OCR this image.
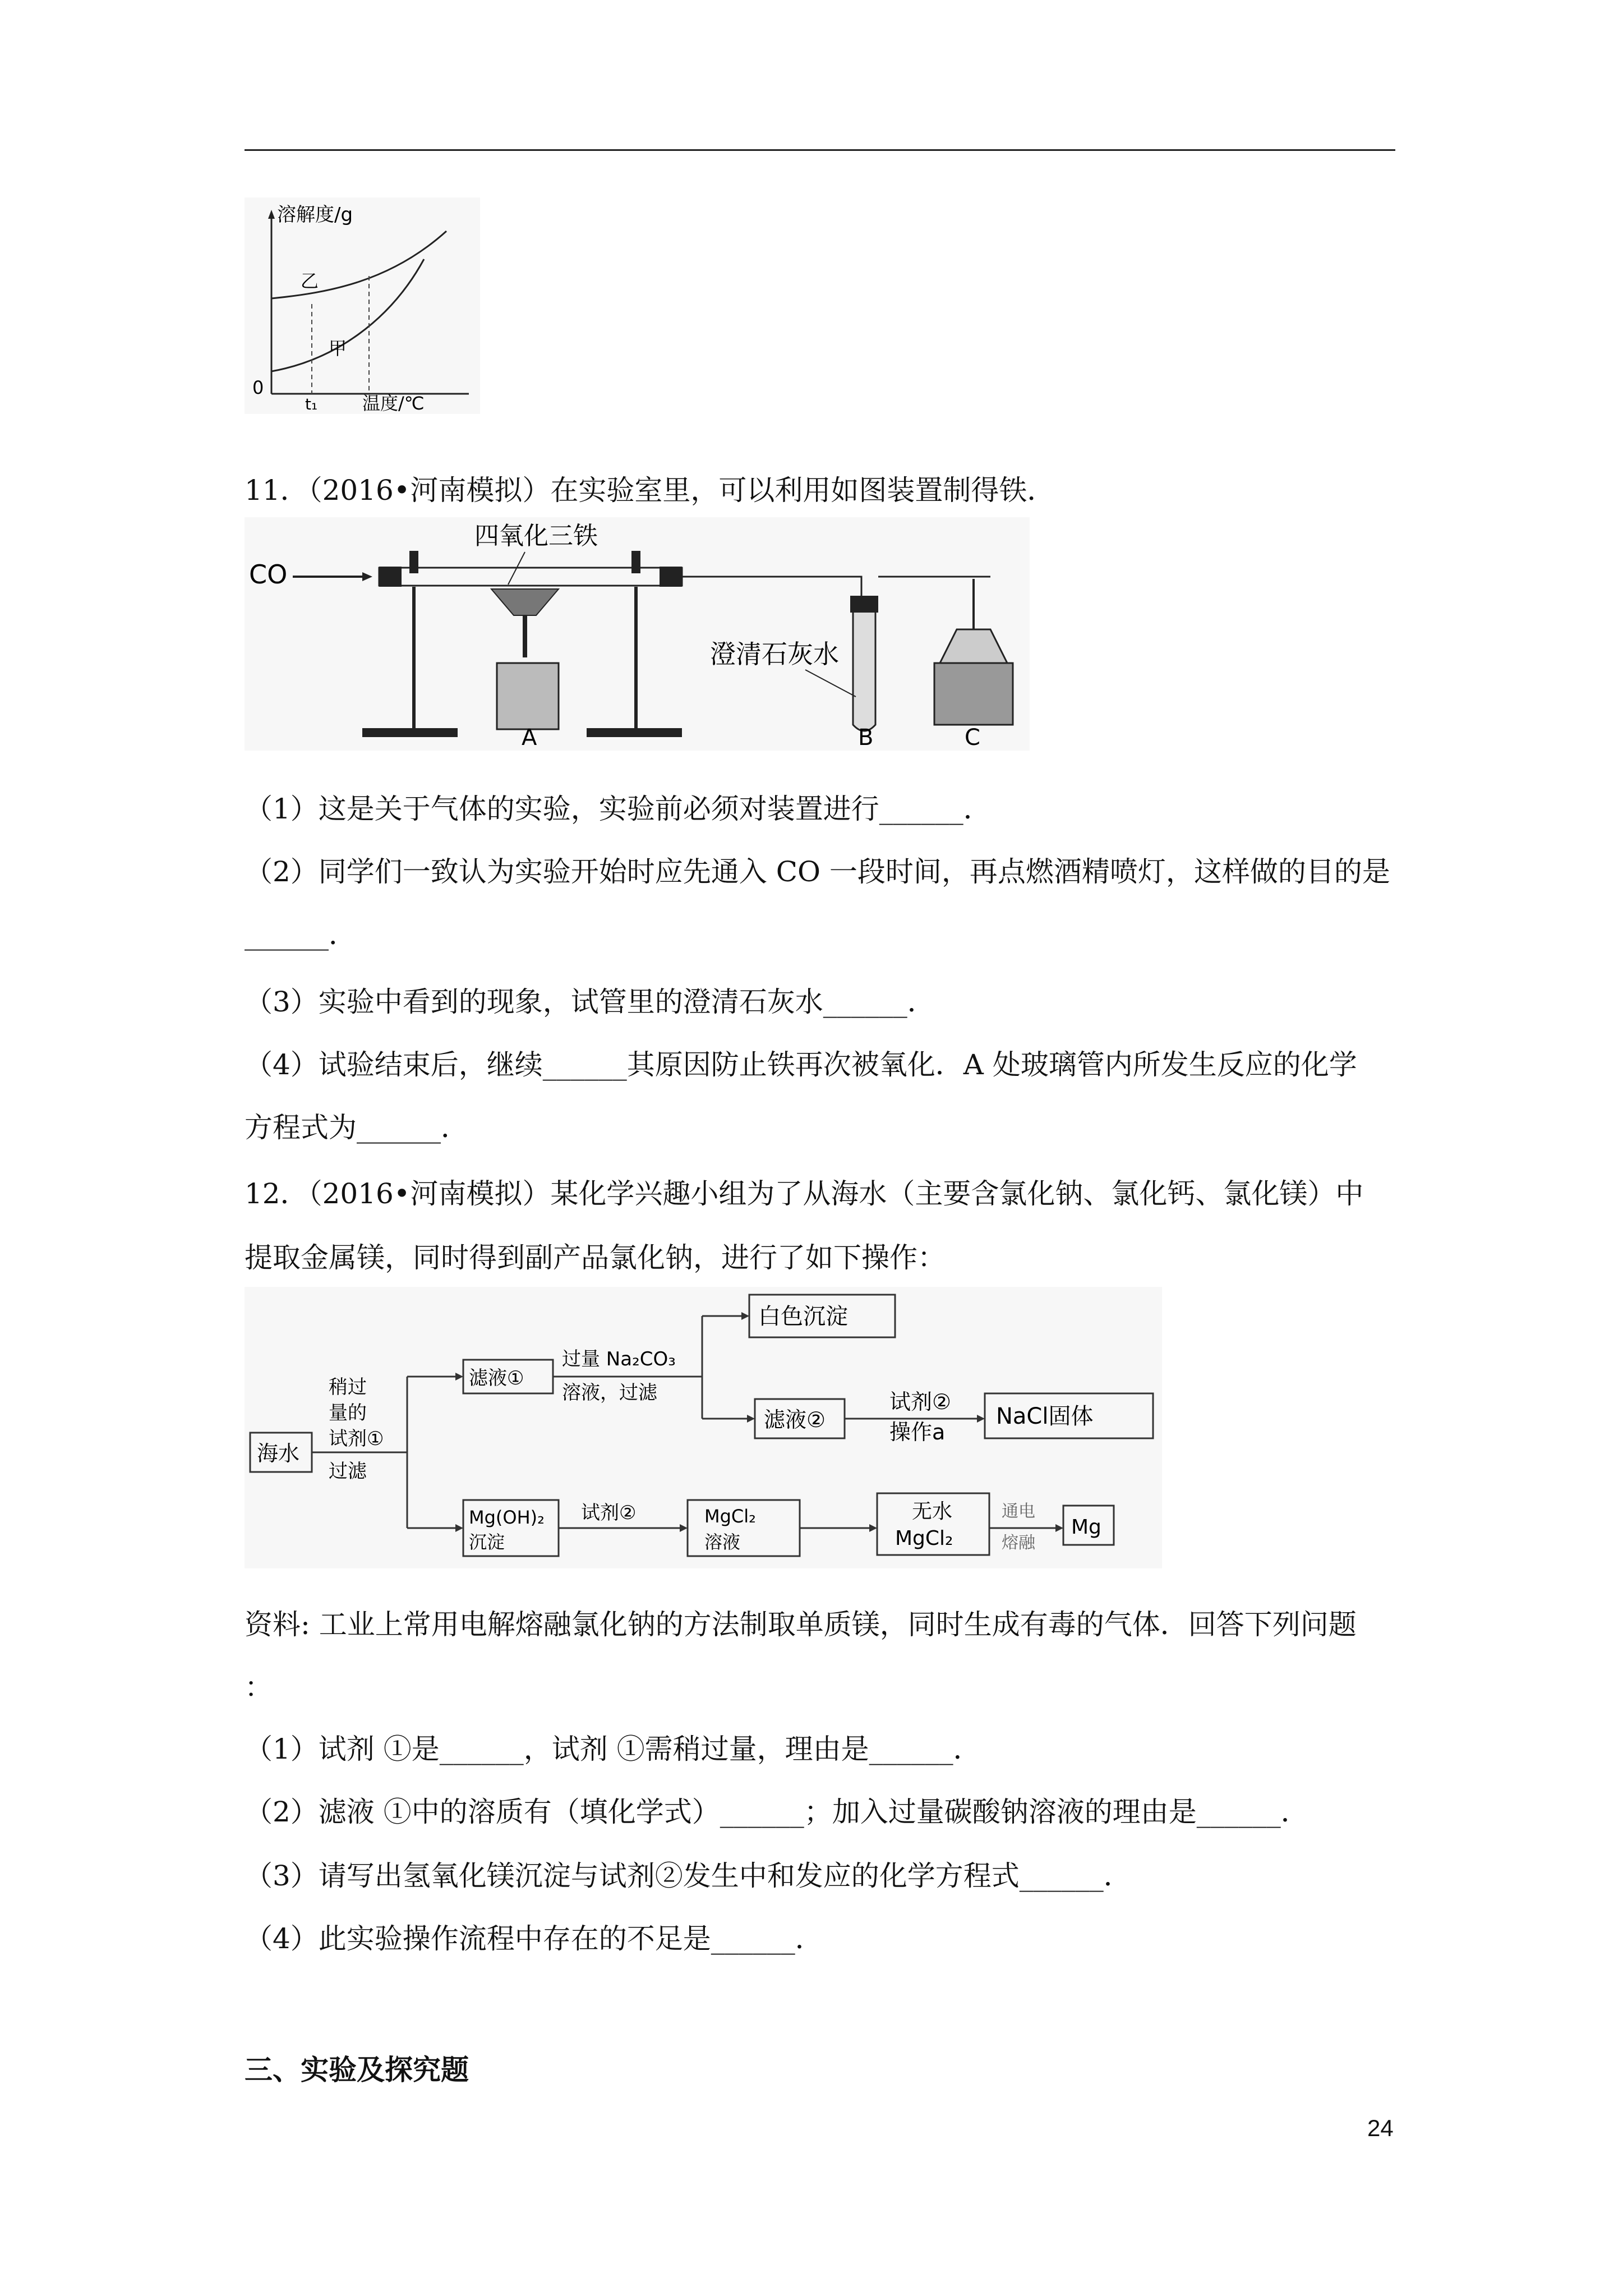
溶解度/g
0
乙
甲
t₁ 温度/℃
11．（2016•河南模拟）在实验室里，可以利用如图装置制得铁．
CO
四氧化三铁
A
澄清石灰水
B	C
（1）这是关于气体的实验，实验前必须对装置进行______．
（2）同学们一致认为实验开始时应先通入 CO 一段时间，再点燃酒精喷灯，这样做的目的是
______．
（3）实验中看到的现象，试管里的澄清石灰水______．
（4）试验结束后，继续______其原因防止铁再次被氧化．A 处玻璃管内所发生反应的化学
方程式为______．
12．（2016•河南模拟）某化学兴趣小组为了从海水（主要含氯化钠、氯化钙、氯化镁）中
提取金属镁，同时得到副产品氯化钠，进行了如下操作：
海水
稍过
量的
试剂①
过滤
滤液①
过量 Na₂CO₃
溶液，过滤
白色沉淀
滤液②
试剂②
操作a
NaCl固体
Mg(OH)₂
沉淀
试剂②	MgCl₂
溶液
无水
MgCl₂
通电
熔融
Mg
资料: 工业上常用电解熔融氯化钠的方法制取单质镁，同时生成有毒的气体．回答下列问题
：
（1）试剂 ①是______，试剂 ①需稍过量，理由是______．
（2）滤液 ①中的溶质有（填化学式）______；加入过量碳酸钠溶液的理由是______．
（3）请写出氢氧化镁沉淀与试剂②发生中和发应的化学方程式______．
（4）此实验操作流程中存在的不足是______．
三、实验及探究题
24
